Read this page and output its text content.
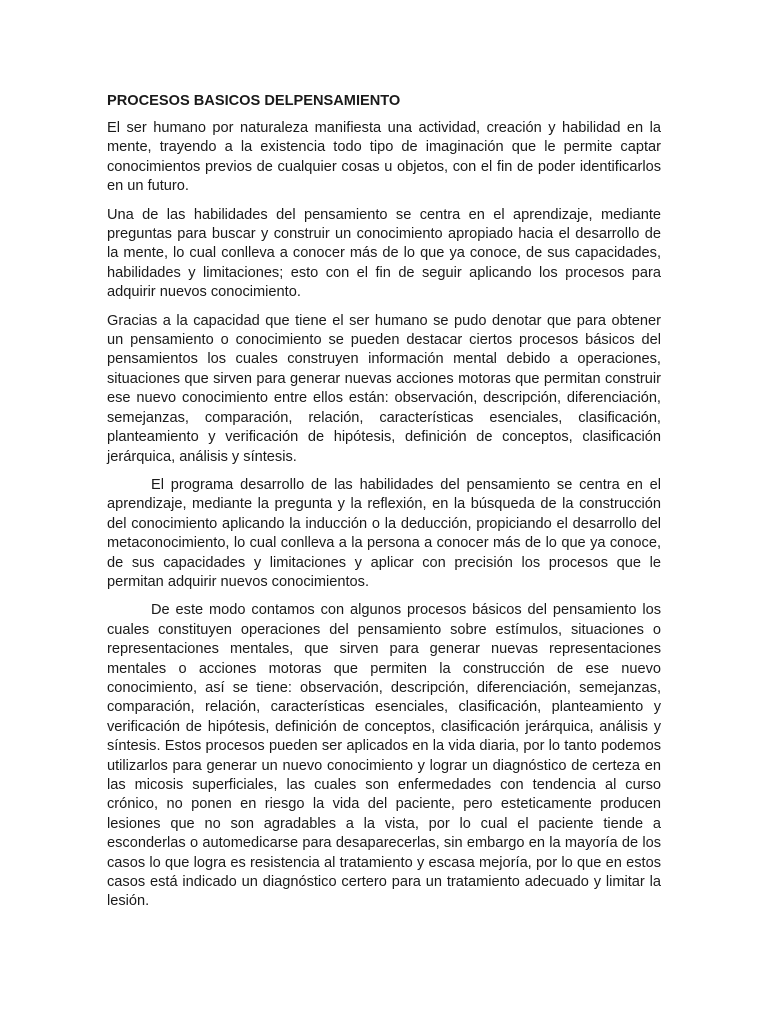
PROCESOS BASICOS DELPENSAMIENTO

El ser humano por naturaleza manifiesta una actividad, creación y habilidad en la mente, trayendo a la existencia todo tipo de imaginación que le permite captar conocimientos previos de cualquier cosas u objetos, con el fin de poder identificarlos en un futuro.

Una de las habilidades del pensamiento se centra en el aprendizaje, mediante preguntas para buscar y construir un conocimiento apropiado hacia el desarrollo de la mente, lo cual conlleva a conocer más de lo que ya conoce, de sus capacidades, habilidades y limitaciones; esto con el fin de seguir aplicando los procesos para adquirir nuevos conocimiento.

Gracias a la capacidad que tiene el ser humano se pudo denotar que para obtener un pensamiento o conocimiento se pueden destacar ciertos procesos básicos del pensamientos los cuales construyen información mental debido a operaciones, situaciones que sirven para generar nuevas acciones motoras que permitan construir ese nuevo conocimiento entre ellos están: observación, descripción, diferenciación, semejanzas, comparación, relación, características esenciales, clasificación, planteamiento y verificación de hipótesis, definición de conceptos, clasificación jerárquica, análisis y síntesis.

El programa desarrollo de las habilidades del pensamiento se centra en el aprendizaje, mediante la pregunta y la reflexión, en la búsqueda de la construcción del conocimiento aplicando la inducción o la deducción, propiciando el desarrollo del metaconocimiento, lo cual conlleva a la persona a conocer más de lo que ya conoce, de sus capacidades y limitaciones y aplicar con precisión los procesos que le permitan adquirir nuevos conocimientos.

De este modo contamos con algunos procesos básicos del pensamiento los cuales constituyen operaciones del pensamiento sobre estímulos, situaciones o representaciones mentales, que sirven para generar nuevas representaciones mentales o acciones motoras que permiten la construcción de ese nuevo conocimiento, así se tiene: observación, descripción, diferenciación, semejanzas, comparación, relación, características esenciales, clasificación, planteamiento y verificación de hipótesis, definición de conceptos, clasificación jerárquica, análisis y síntesis. Estos procesos pueden ser aplicados en la vida diaria, por lo tanto podemos utilizarlos para generar un nuevo conocimiento y lograr un diagnóstico de certeza en las micosis superficiales, las cuales son enfermedades con tendencia al curso crónico, no ponen en riesgo la vida del paciente, pero esteticamente producen lesiones que no son agradables a la vista, por lo cual el paciente tiende a esconderlas o automedicarse para desaparecerlas, sin embargo en la mayoría de los casos lo que logra es resistencia al tratamiento y escasa mejoría, por lo que en estos casos está indicado un diagnóstico certero para un tratamiento adecuado y limitar la lesión.
